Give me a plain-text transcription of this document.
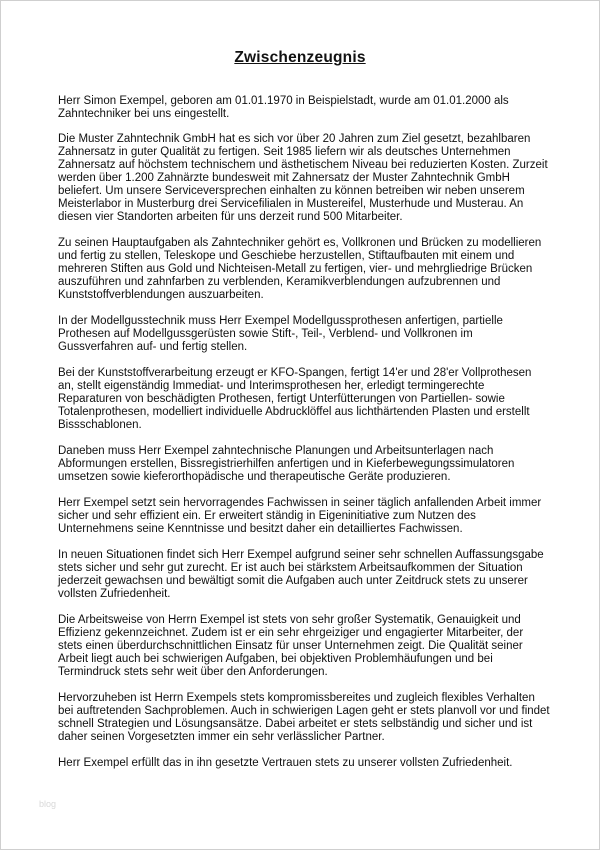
Zwischenzeugnis

Herr Simon Exempel, geboren am 01.01.1970 in Beispielstadt, wurde am 01.01.2000 als Zahntechniker bei uns eingestellt.

Die Muster Zahntechnik GmbH hat es sich vor über 20 Jahren zum Ziel gesetzt, bezahlbaren Zahnersatz in guter Qualität zu fertigen. Seit 1985 liefern wir als deutsches Unternehmen Zahnersatz auf höchstem technischem und ästhetischem Niveau bei reduzierten Kosten. Zurzeit werden über 1.200 Zahnärzte bundesweit mit Zahnersatz der Muster Zahntechnik GmbH beliefert. Um unsere Serviceversprechen einhalten zu können betreiben wir neben unserem Meisterlabor in Musterburg drei Servicefilialen in Mustereifel, Musterhude und Musterau. An diesen vier Standorten arbeiten für uns derzeit rund 500 Mitarbeiter.

Zu seinen Hauptaufgaben als Zahntechniker gehört es, Vollkronen und Brücken zu modellieren und fertig zu stellen, Teleskope und Geschiebe herzustellen, Stiftaufbauten mit einem und mehreren Stiften aus Gold und Nichteisen-Metall zu fertigen, vier- und mehrgliedrige Brücken auszuführen und zahnfarben zu verblenden, Keramikverblendungen aufzubrennen und Kunststoffverblendungen auszuarbeiten.

In der Modellgusstechnik muss Herr Exempel Modellgussprothesen anfertigen, partielle Prothesen auf Modellgussgerüsten sowie Stift-, Teil-, Verblend- und Vollkronen im Gussverfahren auf- und fertig stellen.

Bei der Kunststoffverarbeitung erzeugt er KFO-Spangen, fertigt 14'er und 28'er Vollprothesen an, stellt eigenständig Immediat- und Interimsprothesen her, erledigt termingerechte Reparaturen von beschädigten Prothesen, fertigt Unterfütterungen von Partiellen- sowie Totalenprothesen, modelliert individuelle Abdrucklöffel aus lichthärtenden Plasten und erstellt Bissschablonen.

Daneben muss Herr Exempel zahntechnische Planungen und Arbeitsunterlagen nach Abformungen erstellen, Bissregistrierhilfen anfertigen und in Kieferbewegungssimulatoren umsetzen sowie kieferorthopädische und therapeutische Geräte produzieren.

Herr Exempel setzt sein hervorragendes Fachwissen in seiner täglich anfallenden Arbeit immer sicher und sehr effizient ein. Er erweitert ständig in Eigeninitiative zum Nutzen des Unternehmens seine Kenntnisse und besitzt daher ein detailliertes Fachwissen.

In neuen Situationen findet sich Herr Exempel aufgrund seiner sehr schnellen Auffassungsgabe stets sicher und sehr gut zurecht. Er ist auch bei stärkstem Arbeitsaufkommen der Situation jederzeit gewachsen und bewältigt somit die Aufgaben auch unter Zeitdruck stets zu unserer vollsten Zufriedenheit.

Die Arbeitsweise von Herrn Exempel ist stets von sehr großer Systematik, Genauigkeit und Effizienz gekennzeichnet. Zudem ist er ein sehr ehrgeiziger und engagierter Mitarbeiter, der stets einen überdurchschnittlichen Einsatz für unser Unternehmen zeigt. Die Qualität seiner Arbeit liegt auch bei schwierigen Aufgaben, bei objektiven Problemhäufungen und bei Termindruck stets sehr weit über den Anforderungen.

Hervorzuheben ist Herrn Exempels stets kompromissbereites und zugleich flexibles Verhalten bei auftretenden Sachproblemen. Auch in schwierigen Lagen geht er stets planvoll vor und findet schnell Strategien und Lösungsansätze. Dabei arbeitet er stets selbständig und sicher und ist daher seinen Vorgesetzten immer ein sehr verlässlicher Partner.

Herr Exempel erfüllt das in ihn gesetzte Vertrauen stets zu unserer vollsten Zufriedenheit.

blog
